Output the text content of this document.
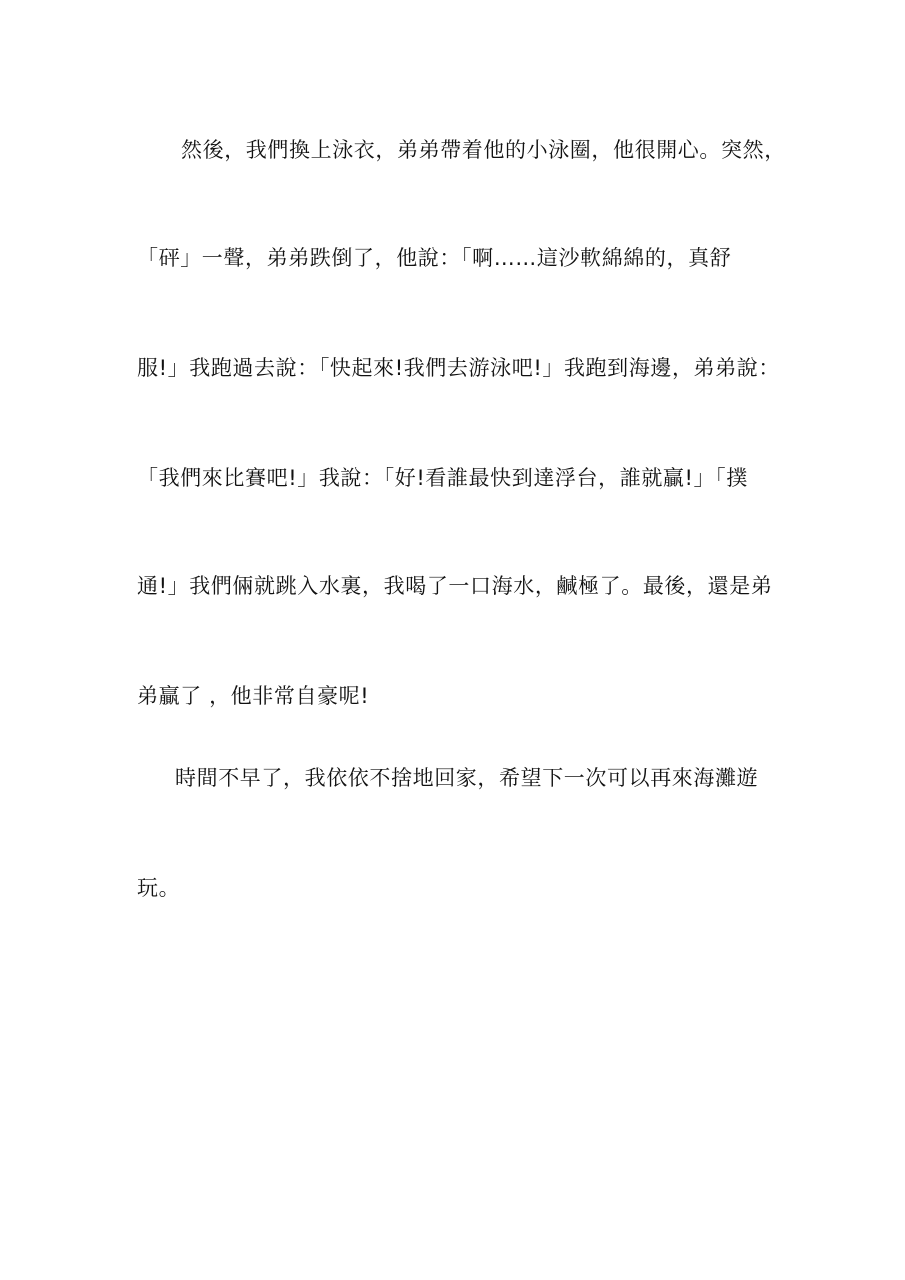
然後，我們換上泳衣，弟弟帶着他的小泳圈，他很開心。突然，
「砰」一聲，弟弟跌倒了，他說：「啊……這沙軟綿綿的，真舒
服!」我跑過去說：「快起來!我們去游泳吧!」我跑到海邊，弟弟說：
「我們來比賽吧!」我說：「好!看誰最快到達浮台，誰就贏!」「撲
通!」我們倆就跳入水裏，我喝了一口海水，鹹極了。最後，還是弟
弟贏了 ，他非常自豪呢!
時間不早了，我依依不捨地回家，希望下一次可以再來海灘遊
玩。
